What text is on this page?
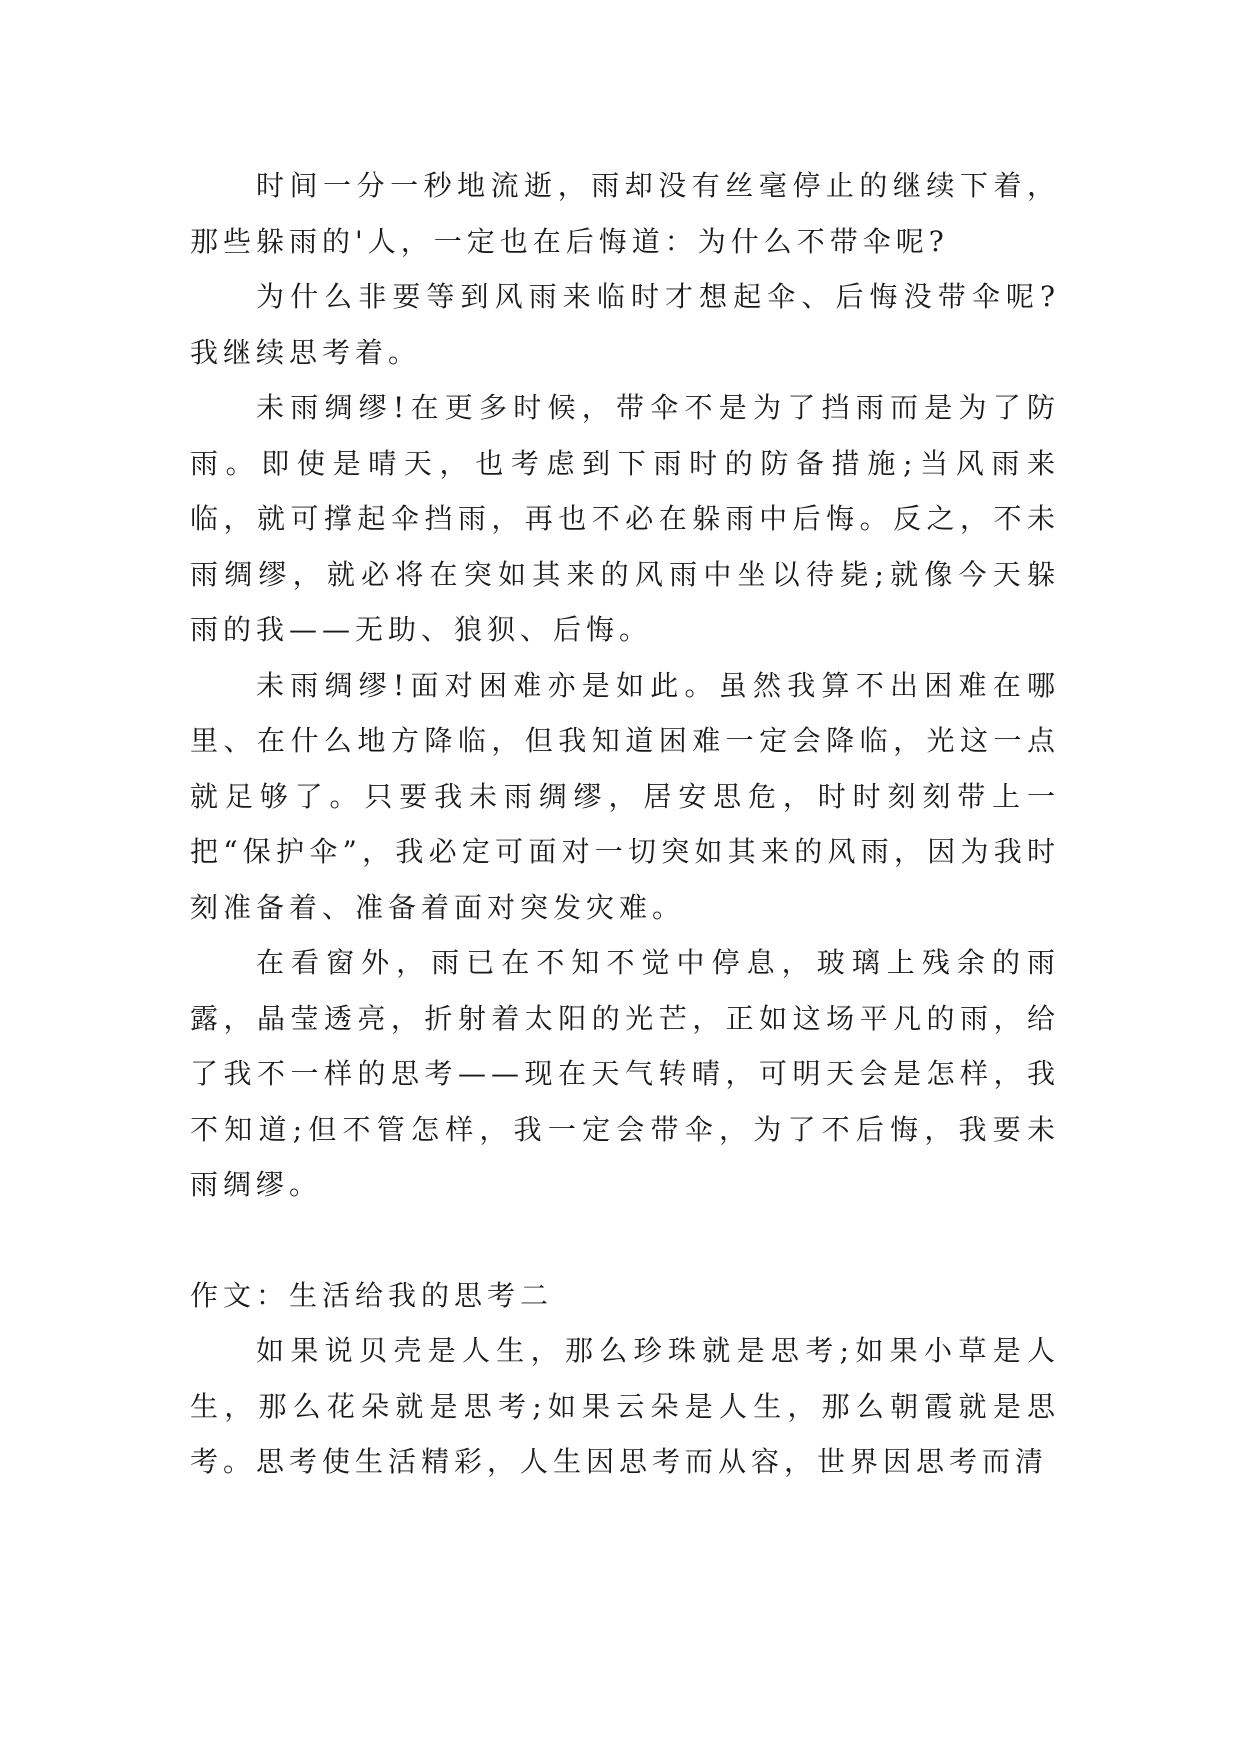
时间一分一秒地流逝，雨却没有丝毫停止的继续下着，那些躲雨的'人，一定也在后悔道：为什么不带伞呢?

为什么非要等到风雨来临时才想起伞、后悔没带伞呢?我继续思考着。

未雨绸缪!在更多时候，带伞不是为了挡雨而是为了防雨。即使是晴天，也考虑到下雨时的防备措施;当风雨来临，就可撑起伞挡雨，再也不必在躲雨中后悔。反之，不未雨绸缪，就必将在突如其来的风雨中坐以待毙;就像今天躲雨的我——无助、狼狈、后悔。

未雨绸缪!面对困难亦是如此。虽然我算不出困难在哪里、在什么地方降临，但我知道困难一定会降临，光这一点就足够了。只要我未雨绸缪，居安思危，时时刻刻带上一把“保护伞”，我必定可面对一切突如其来的风雨，因为我时刻准备着、准备着面对突发灾难。

在看窗外，雨已在不知不觉中停息，玻璃上残余的雨露，晶莹透亮，折射着太阳的光芒，正如这场平凡的雨，给了我不一样的思考——现在天气转晴，可明天会是怎样，我不知道;但不管怎样，我一定会带伞，为了不后悔，我要未雨绸缪。

作文：生活给我的思考二

如果说贝壳是人生，那么珍珠就是思考;如果小草是人生，那么花朵就是思考;如果云朵是人生，那么朝霞就是思考。思考使生活精彩，人生因思考而从容，世界因思考而清
